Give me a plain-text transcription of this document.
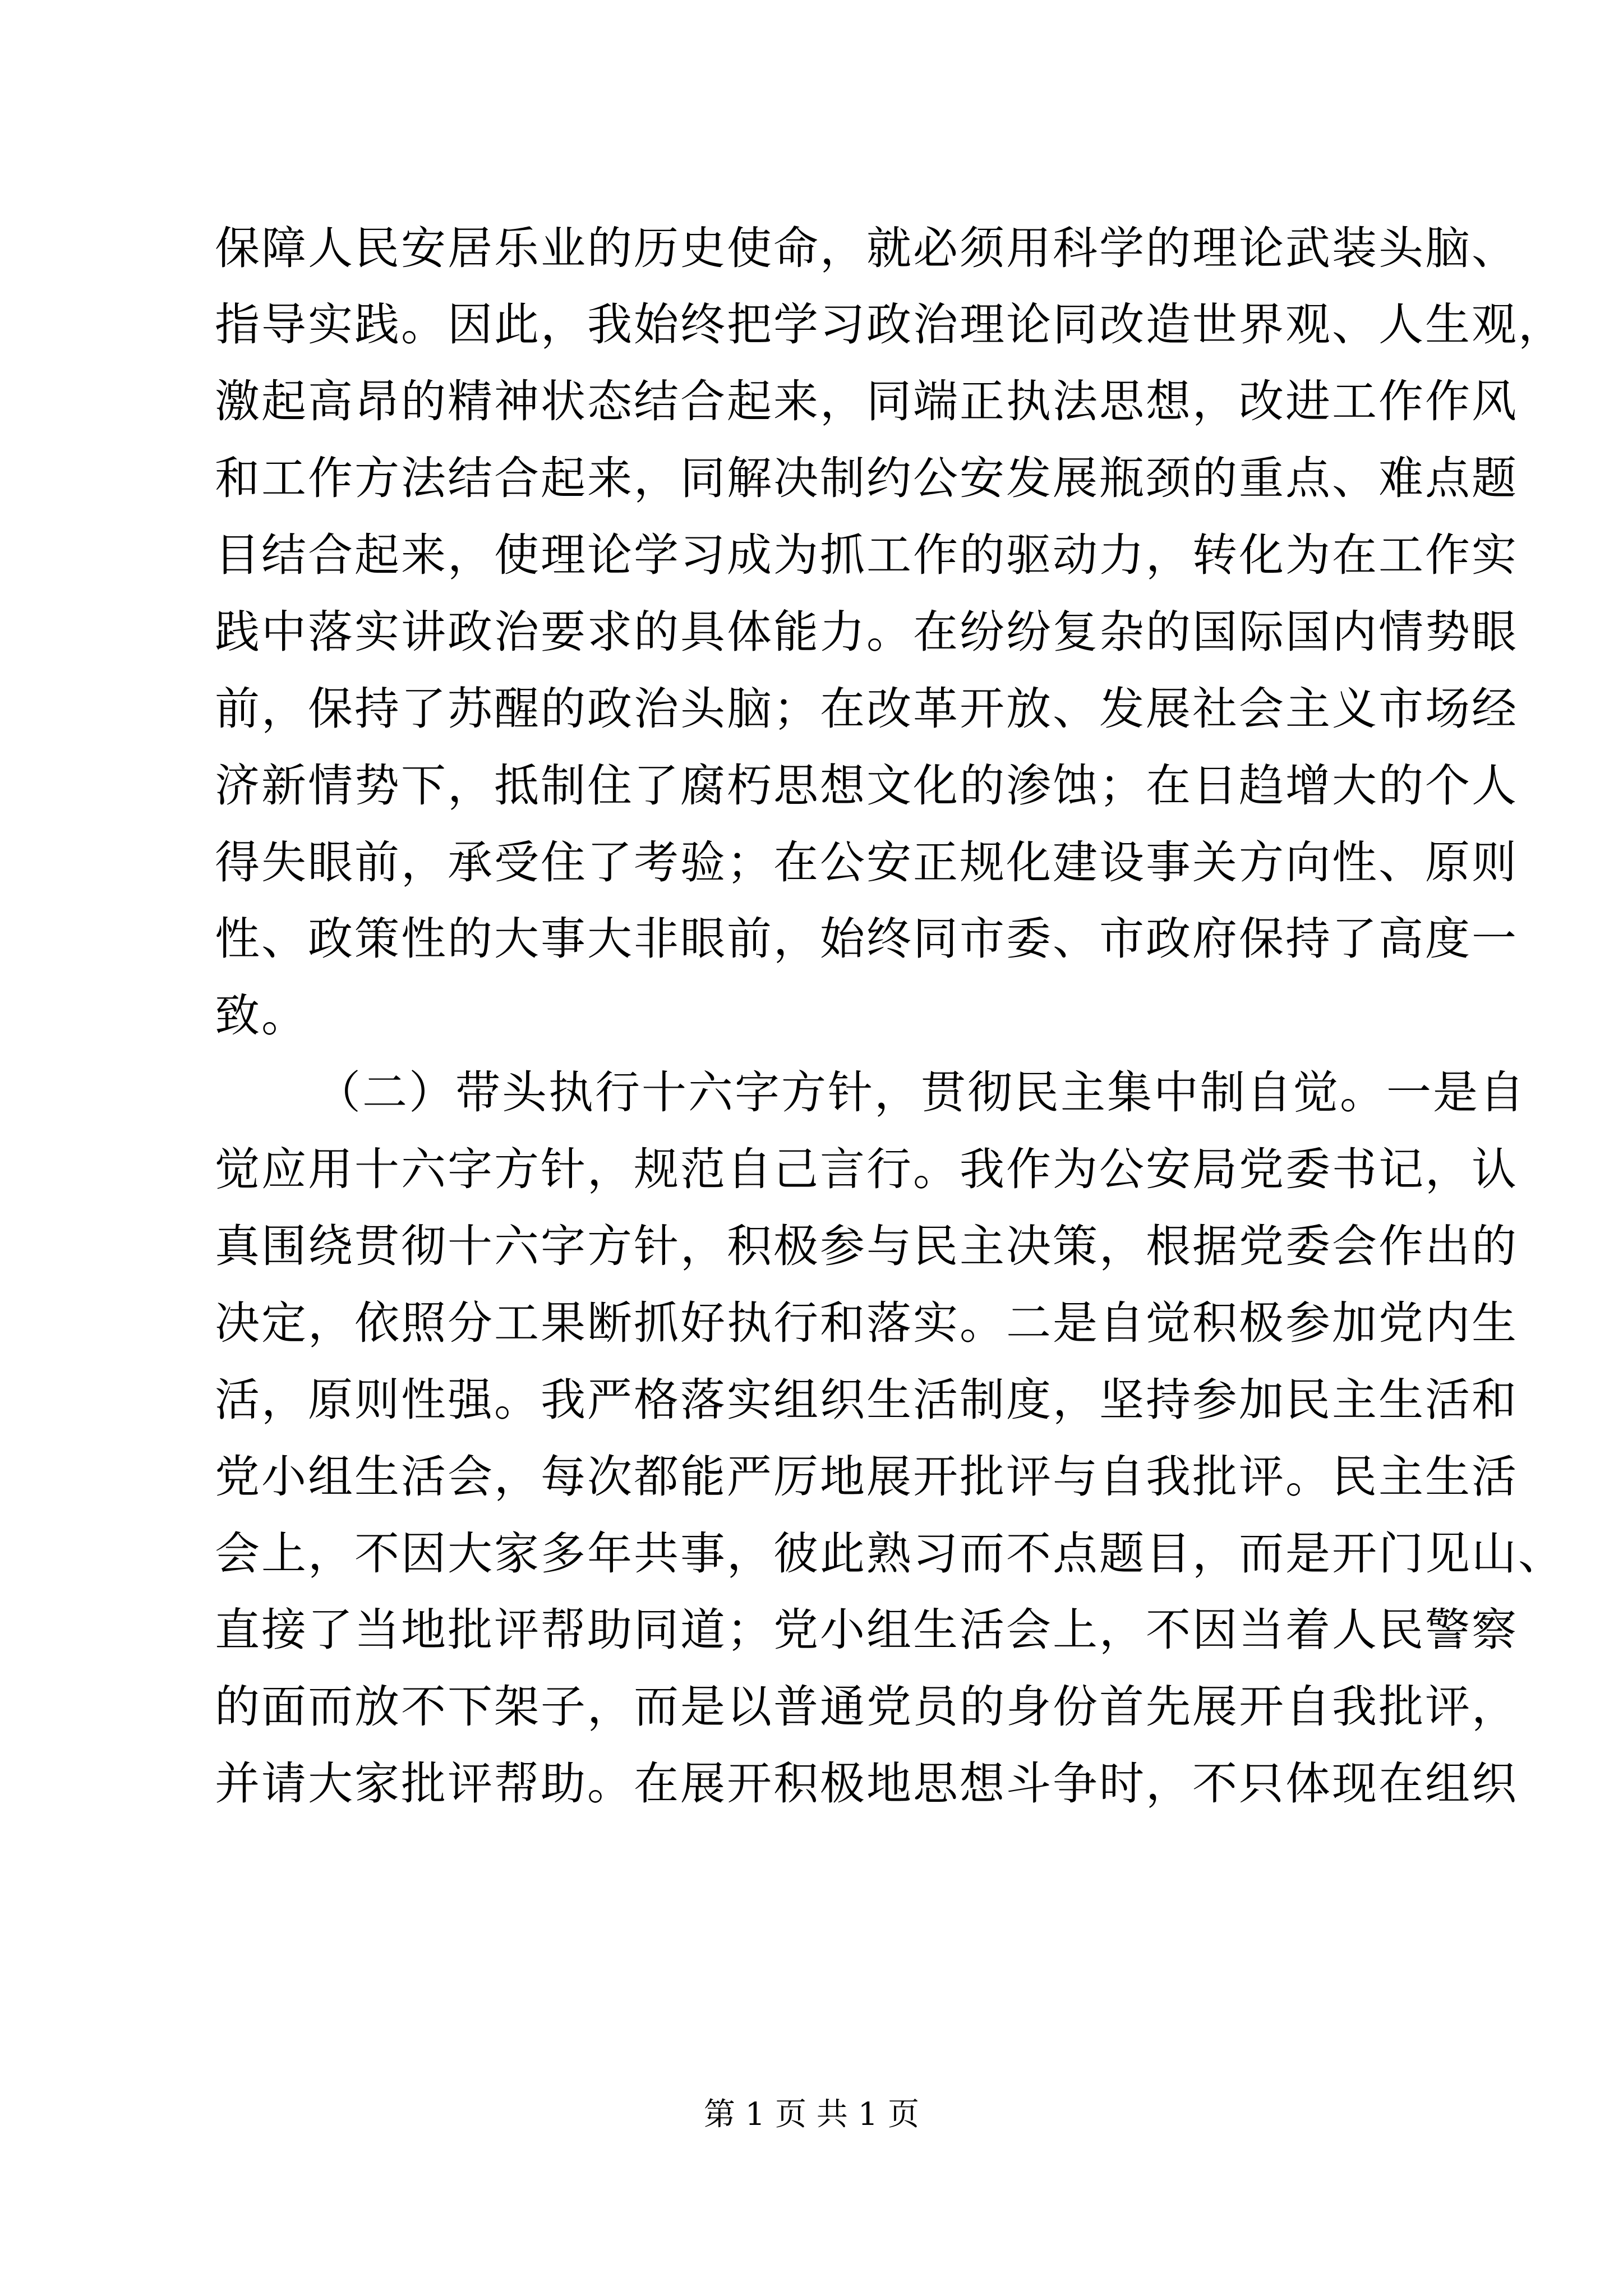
保障人民安居乐业的历史使命，就必须用科学的理论武装头脑、
指导实践。因此，我始终把学习政治理论同改造世界观、人生观，
激起高昂的精神状态结合起来，同端正执法思想，改进工作作风
和工作方法结合起来，同解决制约公安发展瓶颈的重点、难点题
目结合起来，使理论学习成为抓工作的驱动力，转化为在工作实
践中落实讲政治要求的具体能力。在纷纷复杂的国际国内情势眼
前，保持了苏醒的政治头脑；在改革开放、发展社会主义市场经
济新情势下，抵制住了腐朽思想文化的渗蚀；在日趋增大的个人
得失眼前，承受住了考验；在公安正规化建设事关方向性、原则
性、政策性的大事大非眼前，始终同市委、市政府保持了高度一
致。
（二）带头执行十六字方针，贯彻民主集中制自觉。一是自
觉应用十六字方针，规范自己言行。我作为公安局党委书记，认
真围绕贯彻十六字方针，积极参与民主决策，根据党委会作出的
决定，依照分工果断抓好执行和落实。二是自觉积极参加党内生
活，原则性强。我严格落实组织生活制度，坚持参加民主生活和
党小组生活会，每次都能严厉地展开批评与自我批评。民主生活
会上，不因大家多年共事，彼此熟习而不点题目，而是开门见山、
直接了当地批评帮助同道；党小组生活会上，不因当着人民警察
的面而放不下架子，而是以普通党员的身份首先展开自我批评，
并请大家批评帮助。在展开积极地思想斗争时，不只体现在组织
第 1 页 共 1 页
